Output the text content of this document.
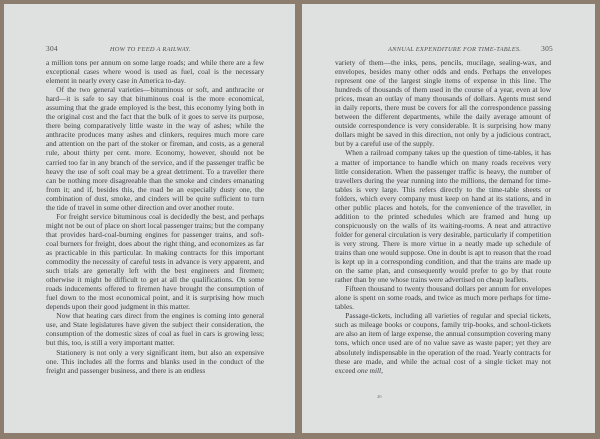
304	HOW TO FEED A RAILWAY.

a million tons per annum on some large roads; and while there are a few exceptional cases where wood is used as fuel, coal is the necessary element in nearly every case in America to-day.

Of the two general varieties—bituminous or soft, and anthracite or hard—it is safe to say that bituminous coal is the more economical, assuming that the grade employed is the best, this economy lying both in the original cost and the fact that the bulk of it goes to serve its purpose, there being comparatively little waste in the way of ashes; while the anthracite produces many ashes and clinkers, requires much more care and attention on the part of the stoker or fireman, and costs, as a general rule, about thirty per cent. more. Economy, however, should not be carried too far in any branch of the service, and if the passenger traffic be heavy the use of soft coal may be a great detriment. To a traveller there can be nothing more disagreeable than the smoke and cinders emanating from it; and if, besides this, the road be an especially dusty one, the combination of dust, smoke, and cinders will be quite sufficient to turn the tide of travel in some other direction and over another route.

For freight service bituminous coal is decidedly the best, and perhaps might not be out of place on short local passenger trains; but the company that provides hard-coal-burning engines for passenger trains, and soft-coal burners for freight, does about the right thing, and economizes as far as practicable in this particular. In making contracts for this important commodity the necessity of careful tests in advance is very apparent, and such trials are generally left with the best engineers and firemen; otherwise it might be difficult to get at all the qualifications. On some roads inducements offered to firemen have brought the consumption of fuel down to the most economical point, and it is surprising how much depends upon their good judgment in this matter.

Now that heating cars direct from the engines is coming into general use, and State legislatures have given the subject their consideration, the consumption of the domestic sizes of coal as fuel in cars is growing less; but this, too, is still a very important matter.

Stationery is not only a very significant item, but also an expensive one. This includes all the forms and blanks used in the conduct of the freight and passenger business, and there is an endless

ANNUAL EXPENDITURE FOR TIME-TABLES.	305

variety of them—the inks, pens, pencils, mucilage, sealing-wax, and envelopes, besides many other odds and ends. Perhaps the envelopes represent one of the largest single items of expense in this line. The hundreds of thousands of them used in the course of a year, even at low prices, mean an outlay of many thousands of dollars. Agents must send in daily reports, there must be covers for all the correspondence passing between the different departments, while the daily average amount of outside correspondence is very considerable. It is surprising how many dollars might be saved in this direction, not only by a judicious contract, but by a careful use of the supply.

When a railroad company takes up the question of time-tables, it has a matter of importance to handle which on many roads receives very little consideration. When the passenger traffic is heavy, the number of travellers during the year running into the millions, the demand for time-tables is very large. This refers directly to the time-table sheets or folders, which every company must keep on hand at its stations, and in other public places and hotels, for the convenience of the traveller, in addition to the printed schedules which are framed and hung up conspicuously on the walls of its waiting-rooms. A neat and attractive folder for general circulation is very desirable, particularly if competition is very strong. There is more virtue in a neatly made up schedule of trains than one would suppose. One in doubt is apt to reason that the road is kept up in a corresponding condition, and that the trains are made up on the same plan, and consequently would prefer to go by that route rather than by one whose trains were advertised on cheap leaflets.

Fifteen thousand to twenty thousand dollars per annum for envelopes alone is spent on some roads, and twice as much more perhaps for time-tables.

Passage-tickets, including all varieties of regular and special tickets, such as mileage books or coupons, family trip-books, and school-tickets are also an item of large expense, the annual consumption covering many tons, which once used are of no value save as waste paper; yet they are absolutely indispensable in the operation of the road. Yearly contracts for these are made, and while the actual cost of a single ticket may not exceed one mill,

20
